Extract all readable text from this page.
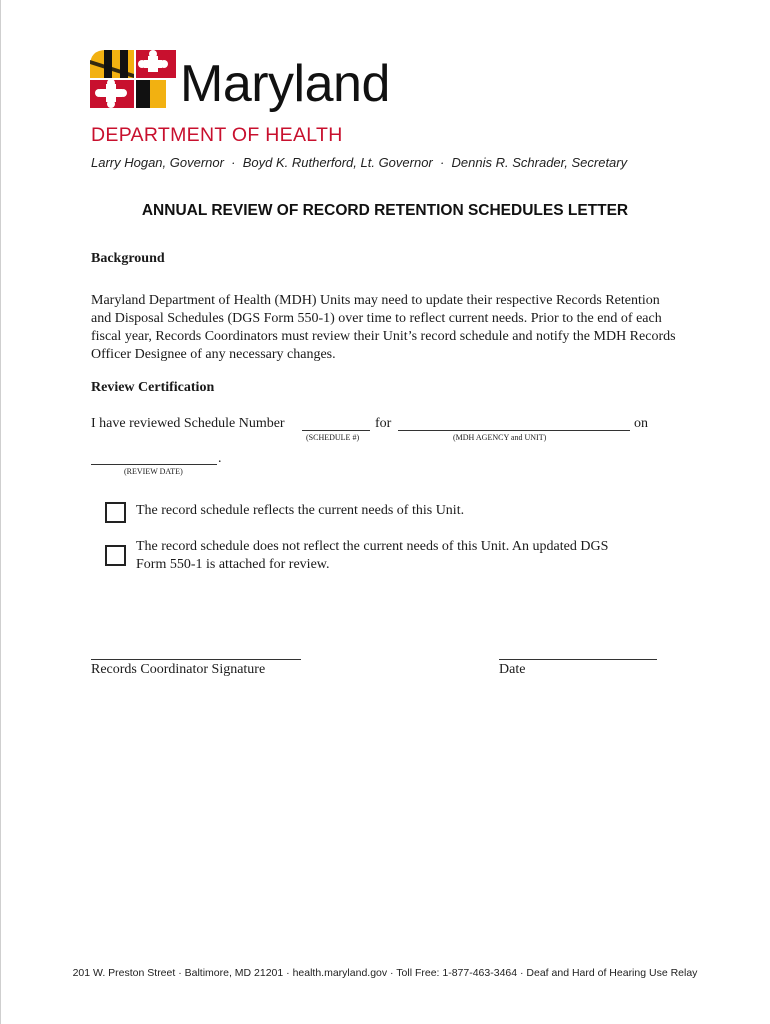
Maryland
DEPARTMENT OF HEALTH
Larry Hogan, Governor  ·  Boyd K. Rutherford, Lt. Governor  ·  Dennis R. Schrader, Secretary
ANNUAL REVIEW OF RECORD RETENTION SCHEDULES LETTER
Background
Maryland Department of Health (MDH) Units may need to update their respective Records Retention and Disposal Schedules (DGS Form 550-1) over time to reflect current needs. Prior to the end of each fiscal year, Records Coordinators must review their Unit’s record schedule and notify the MDH Records Officer Designee of any necessary changes.
Review Certification
I have reviewed Schedule Number
(SCHEDULE #)
for
(MDH AGENCY and UNIT)
on
.
(REVIEW DATE)
The record schedule reflects the current needs of this Unit.
The record schedule does not reflect the current needs of this Unit. An updated DGS Form 550-1 is attached for review.
Records Coordinator Signature	Date
201 W. Preston Street · Baltimore, MD 21201 · health.maryland.gov · Toll Free: 1-877-463-3464 · Deaf and Hard of Hearing Use Relay
